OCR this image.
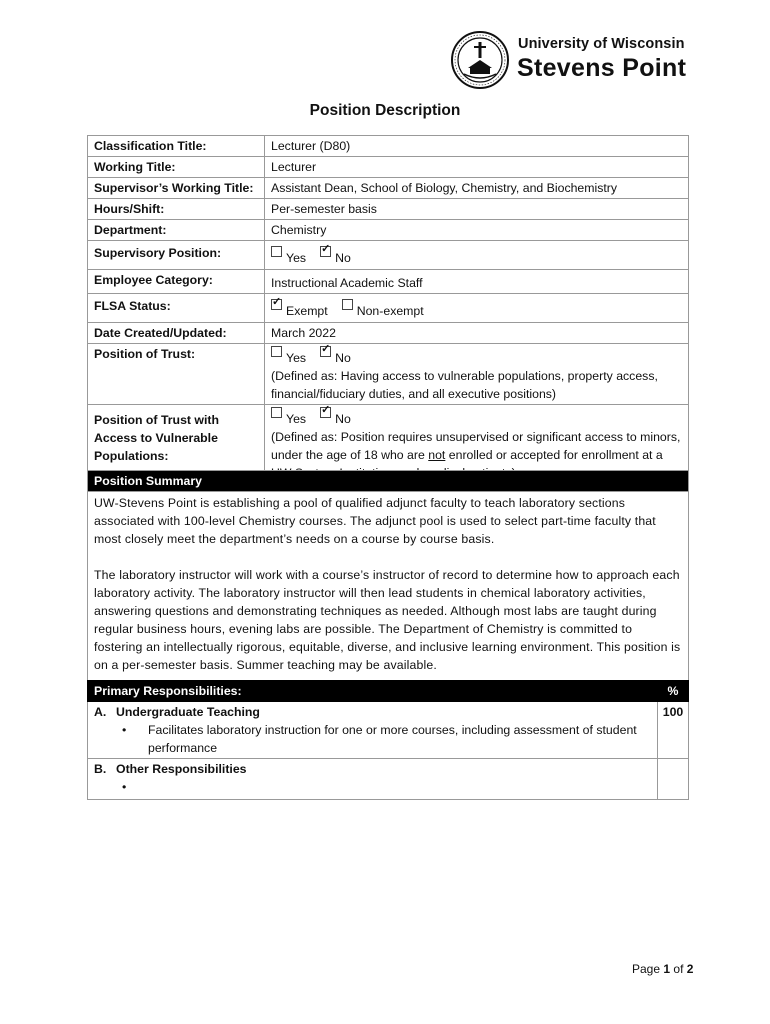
University of Wisconsin
Stevens Point
Position Description
Classification Title:	Lecturer (D80)
Working Title:	Lecturer
Supervisor’s Working Title:	Assistant Dean, School of Biology, Chemistry, and Biochemistry
Hours/Shift:	Per-semester basis
Department:	Chemistry
Supervisory Position:	Yes ✓ No
Employee Category:	Instructional Academic Staff
FLSA Status:	✓Exempt Non-exempt
Date Created/Updated:	March 2022
Position of Trust:	Yes ✓ No
(Defined as: Having access to vulnerable populations, property access, financial/fiduciary duties, and all executive positions)

Position of Trust with Access to Vulnerable Populations:	Yes ✓ No
(Defined as: Position requires unsupervised or significant access to minors, under the age of 18 who are not enrolled or accepted for enrollment at a
Position Summary

UW-Stevens Point is establishing a pool of qualified adjunct faculty to teach laboratory sections associated with 100-level Chemistry courses. The adjunct pool is used to select part-time faculty that most closely meet the department’s needs on a course by course basis.

The laboratory instructor will work with a course’s instructor of record to determine how to approach each laboratory activity. The laboratory instructor will then lead students in chemical laboratory activities, answering questions and demonstrating techniques as needed. Although most labs are taught during regular business hours, evening labs are possible. The Department of Chemistry is committed to fostering an intellectually rigorous, equitable, diverse, and inclusive learning environment. This position is on a per-semester basis. Summer teaching may be available.

Primary Responsibilities:	%

A. Undergraduate Teaching
• Facilitates laboratory instruction for one or more courses, including assessment of student performance	100

B. Other Responsibilities
•

Page 1 of 2
